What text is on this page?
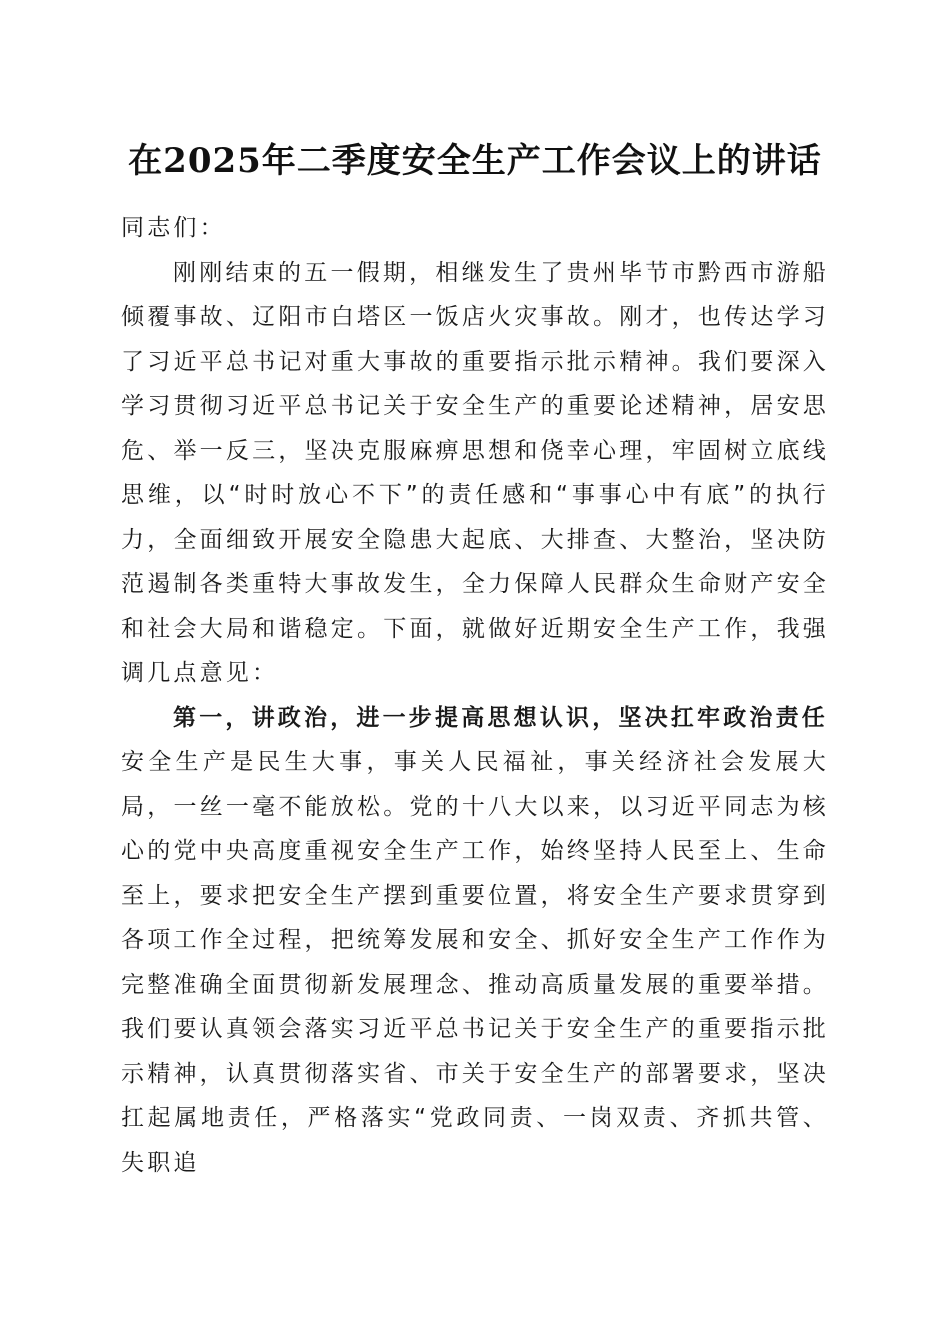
在2025年二季度安全生产工作会议上的讲话

同志们：

刚刚结束的五一假期，相继发生了贵州毕节市黔西市游船倾覆事故、辽阳市白塔区一饭店火灾事故。刚才，也传达学习了习近平总书记对重大事故的重要指示批示精神。我们要深入学习贯彻习近平总书记关于安全生产的重要论述精神，居安思危、举一反三，坚决克服麻痹思想和侥幸心理，牢固树立底线思维，以“时时放心不下”的责任感和“事事心中有底”的执行力，全面细致开展安全隐患大起底、大排查、大整治，坚决防范遏制各类重特大事故发生，全力保障人民群众生命财产安全和社会大局和谐稳定。下面，就做好近期安全生产工作，我强调几点意见：

第一，讲政治，进一步提高思想认识，坚决扛牢政治责任

安全生产是民生大事，事关人民福祉，事关经济社会发展大局，一丝一毫不能放松。党的十八大以来，以习近平同志为核心的党中央高度重视安全生产工作，始终坚持人民至上、生命至上，要求把安全生产摆到重要位置，将安全生产要求贯穿到各项工作全过程，把统筹发展和安全、抓好安全生产工作作为完整准确全面贯彻新发展理念、推动高质量发展的重要举措。我们要认真领会落实习近平总书记关于安全生产的重要指示批示精神，认真贯彻落实省、市关于安全生产的部署要求，坚决扛起属地责任，严格落实“党政同责、一岗双责、齐抓共管、失职追
